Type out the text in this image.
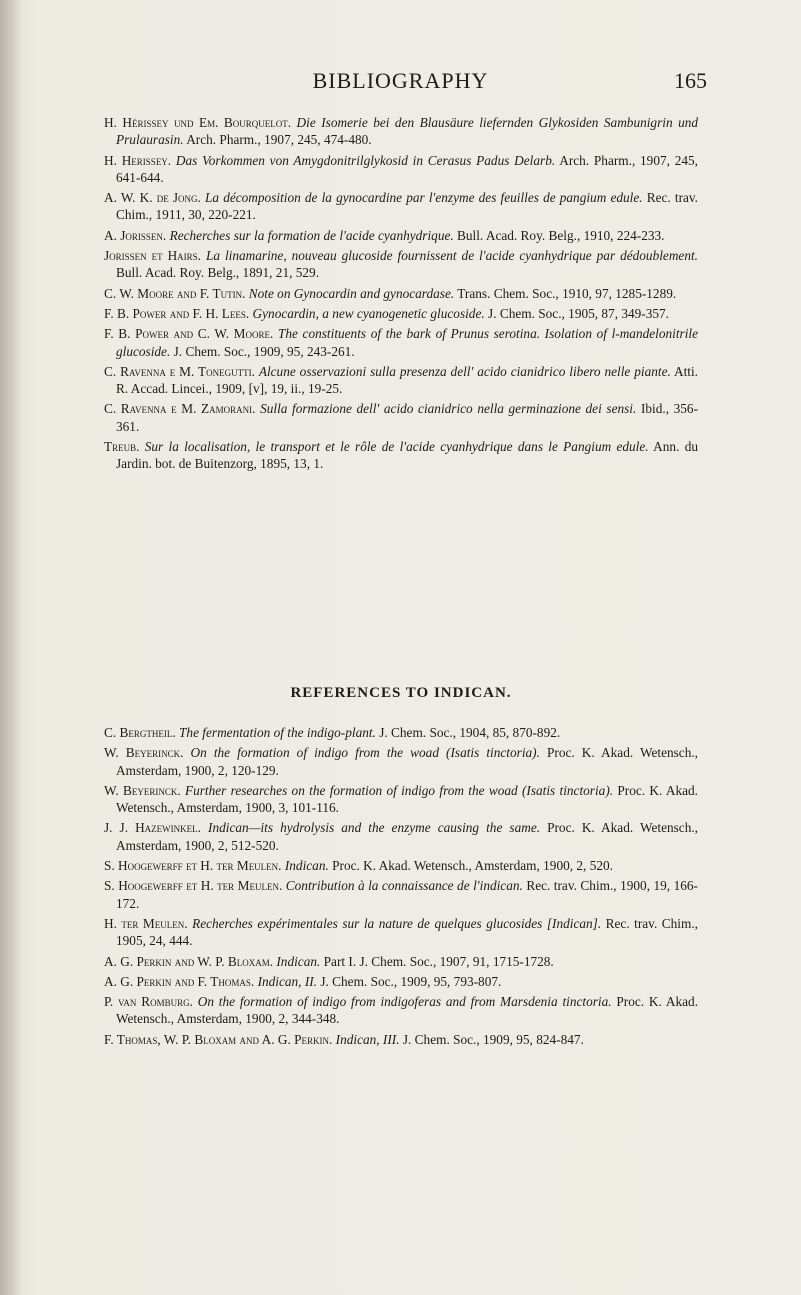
BIBLIOGRAPHY	165

H. Hérissey und Em. Bourquelot. Die Isomerie bei den Blausäure liefernden Glykosiden Sambunigrin und Prulaurasin. Arch. Pharm., 1907, 245, 474-480.

H. Herissey. Das Vorkommen von Amygdonitrilglykosid in Cerasus Padus Delarb. Arch. Pharm., 1907, 245, 641-644.

A. W. K. de Jong. La décomposition de la gynocardine par l'enzyme des feuilles de pangium edule. Rec. trav. Chim., 1911, 30, 220-221.

A. Jorissen. Recherches sur la formation de l'acide cyanhydrique. Bull. Acad. Roy. Belg., 1910, 224-233.

Jorissen et Hairs. La linamarine, nouveau glucoside fournissent de l'acide cyanhydrique par dédoublement. Bull. Acad. Roy. Belg., 1891, 21, 529.

C. W. Moore and F. Tutin. Note on Gynocardin and gynocardase. Trans. Chem. Soc., 1910, 97, 1285-1289.

F. B. Power and F. H. Lees. Gynocardin, a new cyanogenetic glucoside. J. Chem. Soc., 1905, 87, 349-357.

F. B. Power and C. W. Moore. The constituents of the bark of Prunus serotina. Isolation of l-mandelonitrile glucoside. J. Chem. Soc., 1909, 95, 243-261.

C. Ravenna e M. Tonegutti. Alcune osservazioni sulla presenza dell' acido cianidrico libero nelle piante. Atti. R. Accad. Lincei., 1909, [v], 19, ii., 19-25.

C. Ravenna e M. Zamorani. Sulla formazione dell' acido cianidrico nella germinazione dei sensi. Ibid., 356-361.

Treub. Sur la localisation, le transport et le rôle de l'acide cyanhydrique dans le Pangium edule. Ann. du Jardin. bot. de Buitenzorg, 1895, 13, 1.

REFERENCES TO INDICAN.

C. Bergtheil. The fermentation of the indigo-plant. J. Chem. Soc., 1904, 85, 870-892.

W. Beyerinck. On the formation of indigo from the woad (Isatis tinctoria). Proc. K. Akad. Wetensch., Amsterdam, 1900, 2, 120-129.

W. Beyerinck. Further researches on the formation of indigo from the woad (Isatis tinctoria). Proc. K. Akad. Wetensch., Amsterdam, 1900, 3, 101-116.

J. J. Hazewinkel. Indican—its hydrolysis and the enzyme causing the same. Proc. K. Akad. Wetensch., Amsterdam, 1900, 2, 512-520.

S. Hoogewerff et H. ter Meulen. Indican. Proc. K. Akad. Wetensch., Amsterdam, 1900, 2, 520.

S. Hoogewerff et H. ter Meulen. Contribution à la connaissance de l'indican. Rec. trav. Chim., 1900, 19, 166-172.

H. ter Meulen. Recherches expérimentales sur la nature de quelques glucosides [Indican]. Rec. trav. Chim., 1905, 24, 444.

A. G. Perkin and W. P. Bloxam. Indican. Part I. J. Chem. Soc., 1907, 91, 1715-1728.

A. G. Perkin and F. Thomas. Indican, II. J. Chem. Soc., 1909, 95, 793-807.

P. van Romburg. On the formation of indigo from indigoferas and from Marsdenia tinctoria. Proc. K. Akad. Wetensch., Amsterdam, 1900, 2, 344-348.

F. Thomas, W. P. Bloxam and A. G. Perkin. Indican, III. J. Chem. Soc., 1909, 95, 824-847.
